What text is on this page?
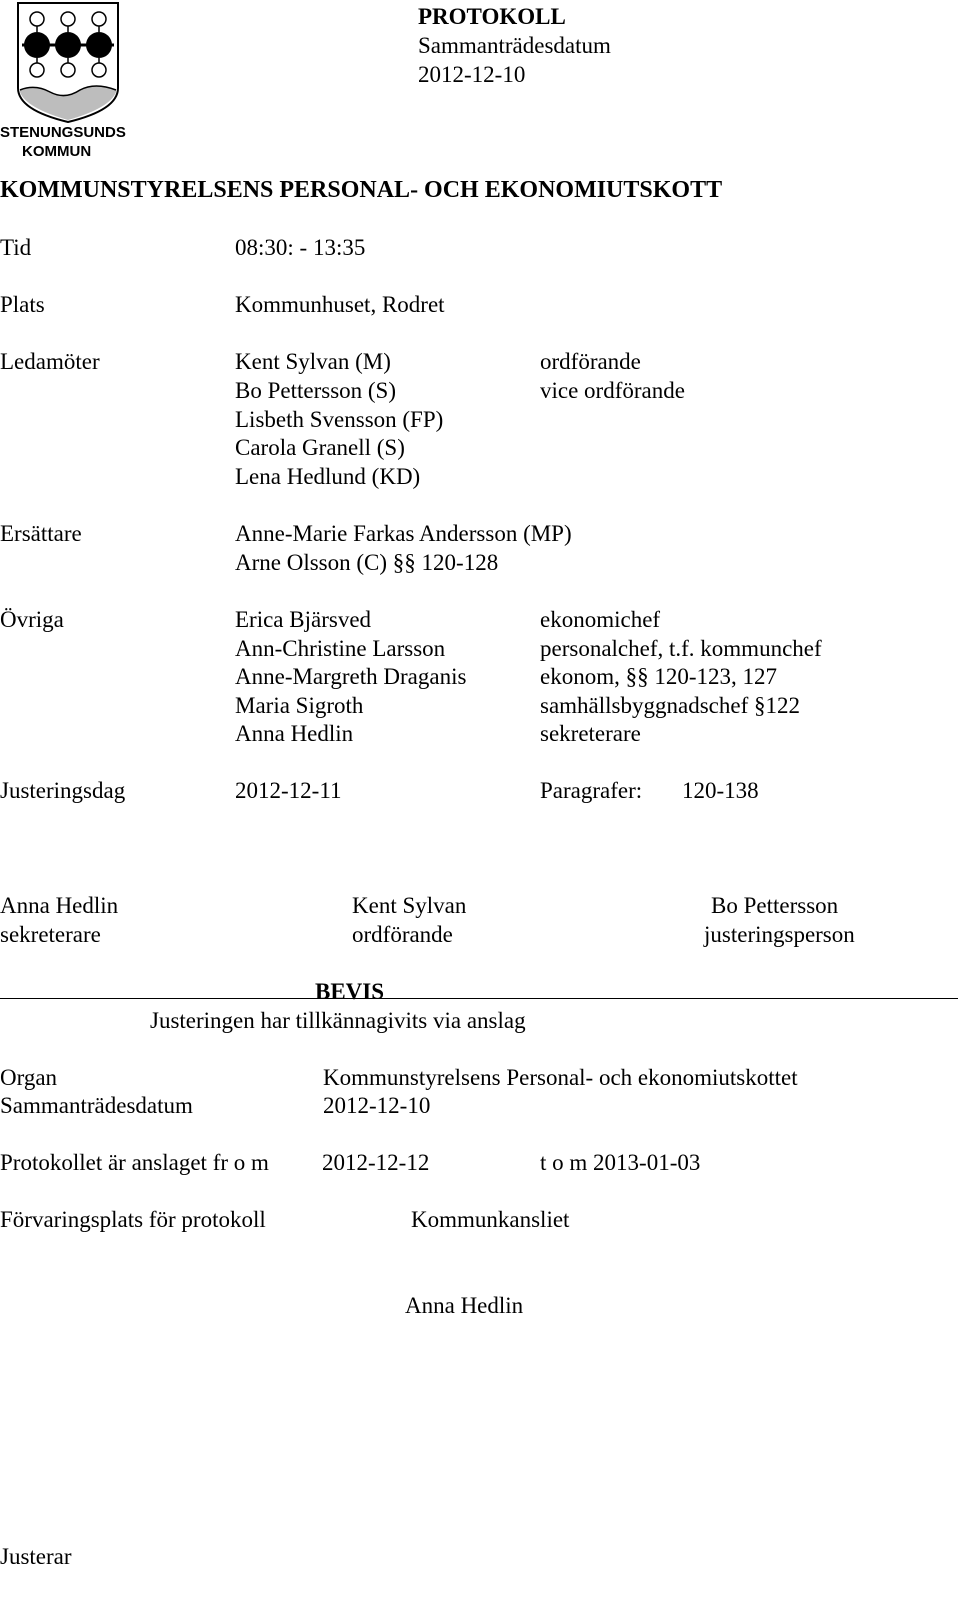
STENUNGSUNDS
KOMMUN
PROTOKOLL
Sammanträdesdatum
2012-12-10
KOMMUNSTYRELSENS PERSONAL- OCH EKONOMIUTSKOTT
Tid	08:30: - 13:35
Plats	Kommunhuset, Rodret
Ledamöter	Kent Sylvan (M)	ordförande
Bo Pettersson (S)	vice ordförande
Lisbeth Svensson (FP)
Carola Granell (S)
Lena Hedlund (KD)
Ersättare	Anne-Marie Farkas Andersson (MP)
Arne Olsson (C) §§ 120-128
Övriga	Erica Bjärsved	ekonomichef
Ann-Christine Larsson	personalchef, t.f. kommunchef
Anne-Margreth Draganis	ekonom, §§ 120-123, 127
Maria Sigroth	samhällsbyggnadschef §122
Anna Hedlin	sekreterare
Justeringsdag	2012-12-11	Paragrafer: 120-138
Anna Hedlin
sekreterare
Kent Sylvan
ordförande
Bo Pettersson
justeringsperson
BEVIS
Justeringen har tillkännagivits via anslag
Organ	Kommunstyrelsens Personal- och ekonomiutskottet
Sammanträdesdatum	2012-12-10
Protokollet är anslaget fr o m 2012-12-12	t o m 2013-01-03
Förvaringsplats för protokoll	Kommunkansliet
Anna Hedlin
Justerar
